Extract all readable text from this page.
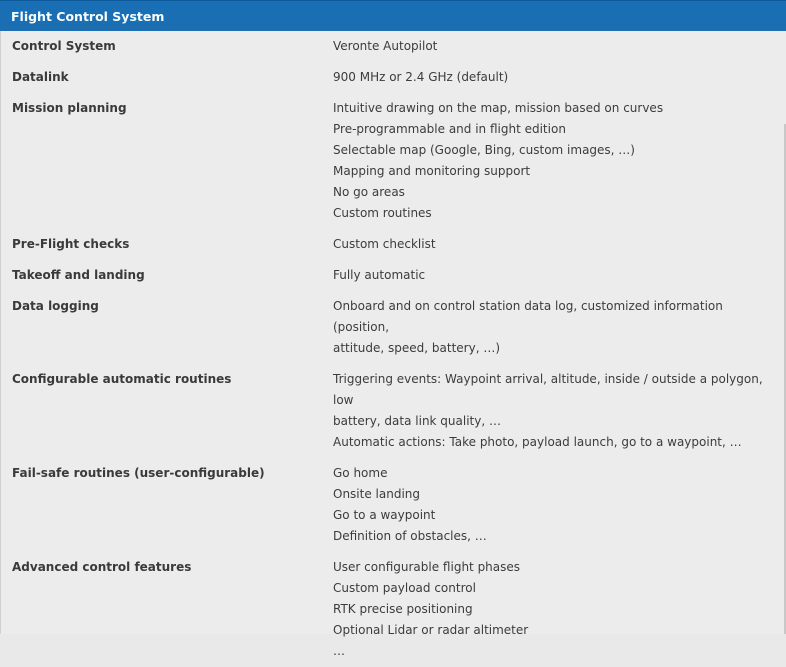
Flight Control System
Control System	Veronte Autopilot
Datalink	900 MHz or 2.4 GHz (default)
Mission planning	Intuitive drawing on the map, mission based on curves
Pre-programmable and in flight edition
Selectable map (Google, Bing, custom images, …)
Mapping and monitoring support
No go areas
Custom routines
Pre-Flight checks	Custom checklist
Takeoff and landing	Fully automatic
Data logging	Onboard and on control station data log, customized information (position,
attitude, speed, battery, …)
Configurable automatic routines	Triggering events: Waypoint arrival, altitude, inside / outside a polygon, low
battery, data link quality, …
Automatic actions: Take photo, payload launch, go to a waypoint, …
Fail-safe routines (user-configurable)	Go home
Onsite landing
Go to a waypoint
Definition of obstacles, …
Advanced control features	User configurable flight phases
Custom payload control
RTK precise positioning
Optional Lidar or radar altimeter
…
